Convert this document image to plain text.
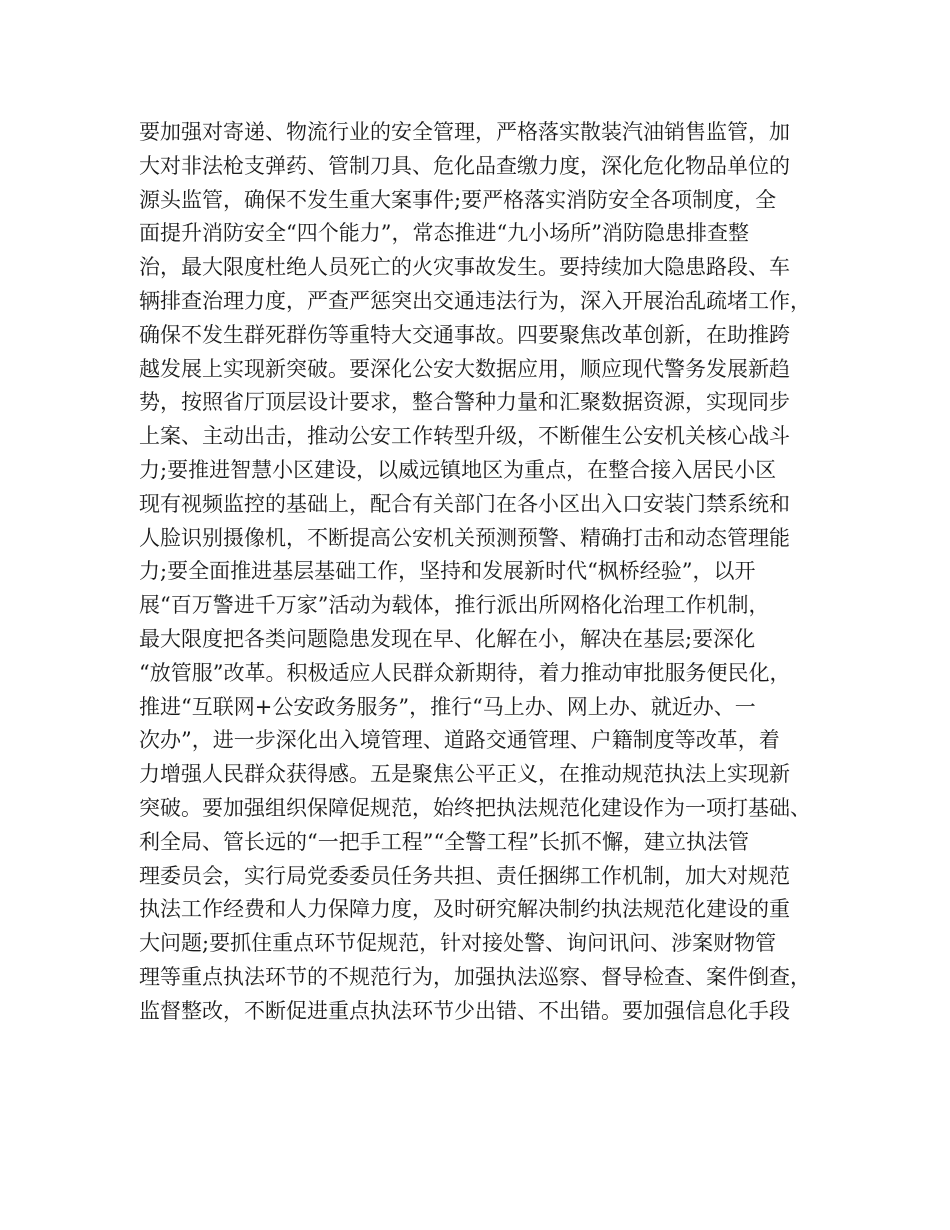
要加强对寄递、物流行业的安全管理，严格落实散装汽油销售监管，加
大对非法枪支弹药、管制刀具、危化品查缴力度，深化危化物品单位的
源头监管，确保不发生重大案事件;要严格落实消防安全各项制度，全
面提升消防安全“四个能力”，常态推进“九小场所”消防隐患排查整
治，最大限度杜绝人员死亡的火灾事故发生。要持续加大隐患路段、车
辆排查治理力度，严查严惩突出交通违法行为，深入开展治乱疏堵工作，
确保不发生群死群伤等重特大交通事故。四要聚焦改革创新，在助推跨
越发展上实现新突破。要深化公安大数据应用，顺应现代警务发展新趋
势，按照省厅顶层设计要求，整合警种力量和汇聚数据资源，实现同步
上案、主动出击，推动公安工作转型升级，不断催生公安机关核心战斗
力;要推进智慧小区建设，以威远镇地区为重点，在整合接入居民小区
现有视频监控的基础上，配合有关部门在各小区出入口安装门禁系统和
人脸识别摄像机，不断提高公安机关预测预警、精确打击和动态管理能
力;要全面推进基层基础工作，坚持和发展新时代“枫桥经验”，以开
展“百万警进千万家”活动为载体，推行派出所网格化治理工作机制，
最大限度把各类问题隐患发现在早、化解在小，解决在基层;要深化
“放管服”改革。积极适应人民群众新期待，着力推动审批服务便民化，
推进“互联网+公安政务服务”，推行“马上办、网上办、就近办、一
次办”，进一步深化出入境管理、道路交通管理、户籍制度等改革，着
力增强人民群众获得感。五是聚焦公平正义，在推动规范执法上实现新
突破。要加强组织保障促规范，始终把执法规范化建设作为一项打基础、
利全局、管长远的“一把手工程”“全警工程”长抓不懈，建立执法管
理委员会，实行局党委委员任务共担、责任捆绑工作机制，加大对规范
执法工作经费和人力保障力度，及时研究解决制约执法规范化建设的重
大问题;要抓住重点环节促规范，针对接处警、询问讯问、涉案财物管
理等重点执法环节的不规范行为，加强执法巡察、督导检查、案件倒查，
监督整改，不断促进重点执法环节少出错、不出错。要加强信息化手段
